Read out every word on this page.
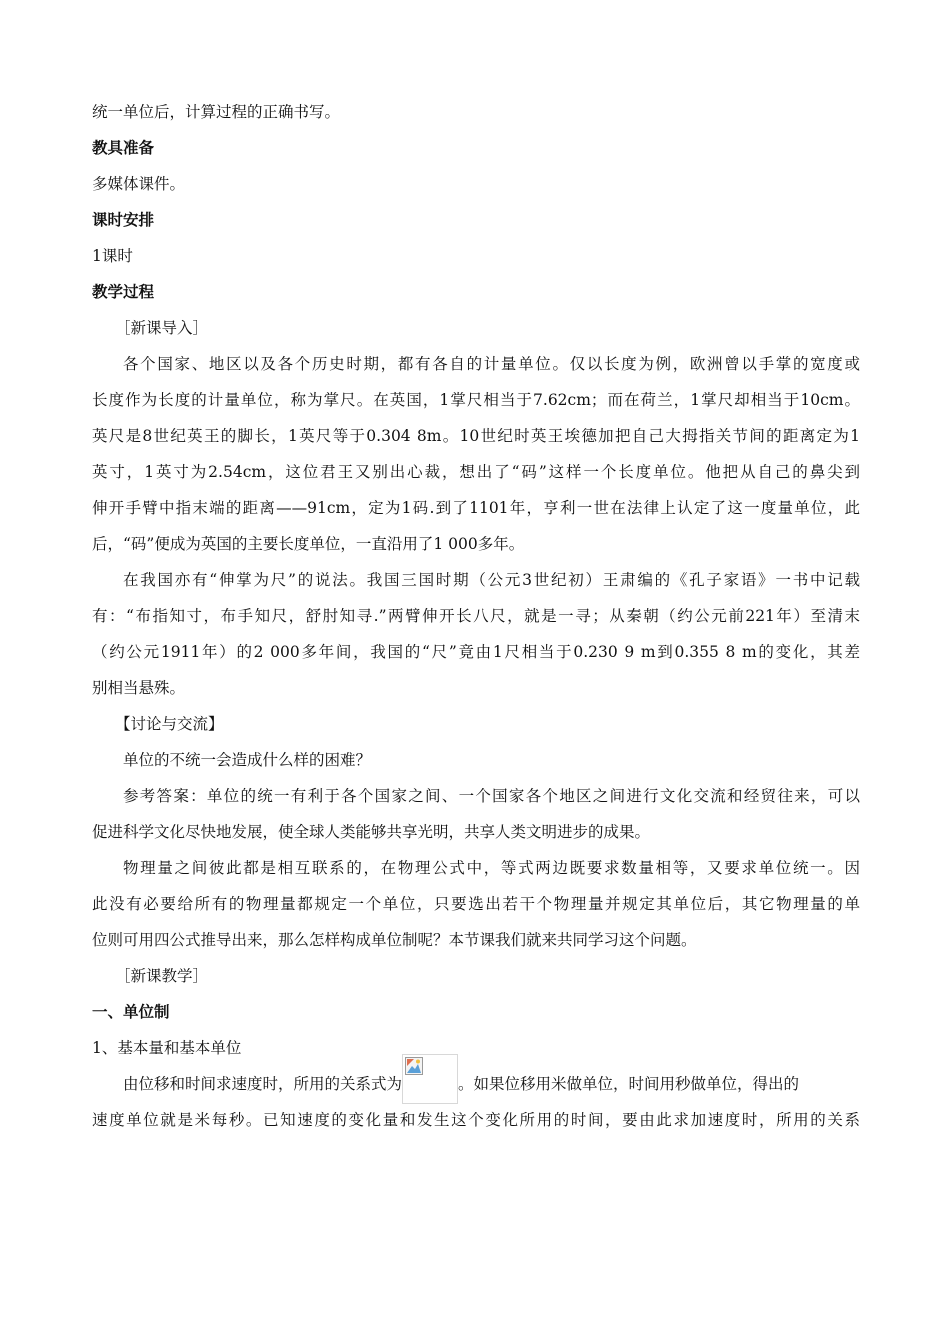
统一单位后，计算过程的正确书写。
教具准备
多媒体课件。
课时安排
1课时
教学过程
［新课导入］
各个国家、地区以及各个历史时期，都有各自的计量单位。仅以长度为例，欧洲曾以手掌的宽度或
长度作为长度的计量单位，称为掌尺。在英国，1掌尺相当于7.62cm；而在荷兰，1掌尺却相当于10cm。
英尺是8世纪英王的脚长，1英尺等于0.304 8m。10世纪时英王埃德加把自己大拇指关节间的距离定为1
英寸，1英寸为2.54cm，这位君王又别出心裁，想出了“码”这样一个长度单位。他把从自己的鼻尖到
伸开手臂中指末端的距离——91cm，定为1码.到了1101年，亨利一世在法律上认定了这一度量单位，此
后，“码”便成为英国的主要长度单位，一直沿用了1 000多年。
在我国亦有“伸掌为尺”的说法。我国三国时期（公元3世纪初）王肃编的《孔子家语》一书中记载
有：“布指知寸，布手知尺，舒肘知寻.”两臂伸开长八尺，就是一寻；从秦朝（约公元前221年）至清末
（约公元1911年）的2 000多年间，我国的“尺”竟由1尺相当于0.230 9 m到0.355 8 m的变化，其差
别相当悬殊。
【讨论与交流】
单位的不统一会造成什么样的困难？
参考答案：单位的统一有利于各个国家之间、一个国家各个地区之间进行文化交流和经贸往来，可以
促进科学文化尽快地发展，使全球人类能够共享光明，共享人类文明进步的成果。
物理量之间彼此都是相互联系的，在物理公式中，等式两边既要求数量相等，又要求单位统一。因
此没有必要给所有的物理量都规定一个单位，只要选出若干个物理量并规定其单位后，其它物理量的单
位则可用四公式推导出来，那么怎样构成单位制呢？本节课我们就来共同学习这个问题。
［新课教学］
一、单位制
1、基本量和基本单位
由位移和时间求速度时，所用的关系式为	。如果位移用米做单位，时间用秒做单位，得出的
速度单位就是米每秒。已知速度的变化量和发生这个变化所用的时间，要由此求加速度时，所用的关系
